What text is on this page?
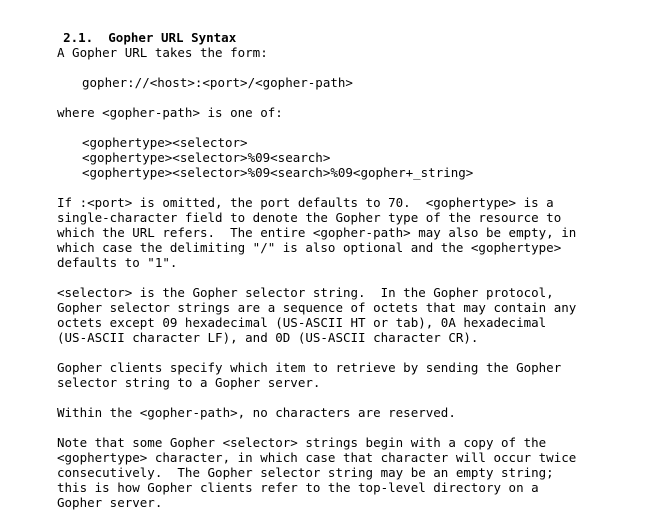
2.1. Gopher URL Syntax

A Gopher URL takes the form:
gopher://<host>:<port>/<gopher-path>
where <gopher-path> is one of:
<gophertype><selector>
<gophertype><selector>%09<search>
<gophertype><selector>%09<search>%09<gopher+_string>
If :<port> is omitted, the port defaults to 70.  <gophertype> is a
single-character field to denote the Gopher type of the resource to
which the URL refers.  The entire <gopher-path> may also be empty, in
which case the delimiting "/" is also optional and the <gophertype>
defaults to "1".
<selector> is the Gopher selector string.  In the Gopher protocol,
Gopher selector strings are a sequence of octets that may contain any
octets except 09 hexadecimal (US-ASCII HT or tab), 0A hexadecimal
(US-ASCII character LF), and 0D (US-ASCII character CR).
Gopher clients specify which item to retrieve by sending the Gopher
selector string to a Gopher server.
Within the <gopher-path>, no characters are reserved.
Note that some Gopher <selector> strings begin with a copy of the
<gophertype> character, in which case that character will occur twice
consecutively.  The Gopher selector string may be an empty string;
this is how Gopher clients refer to the top-level directory on a
Gopher server.
